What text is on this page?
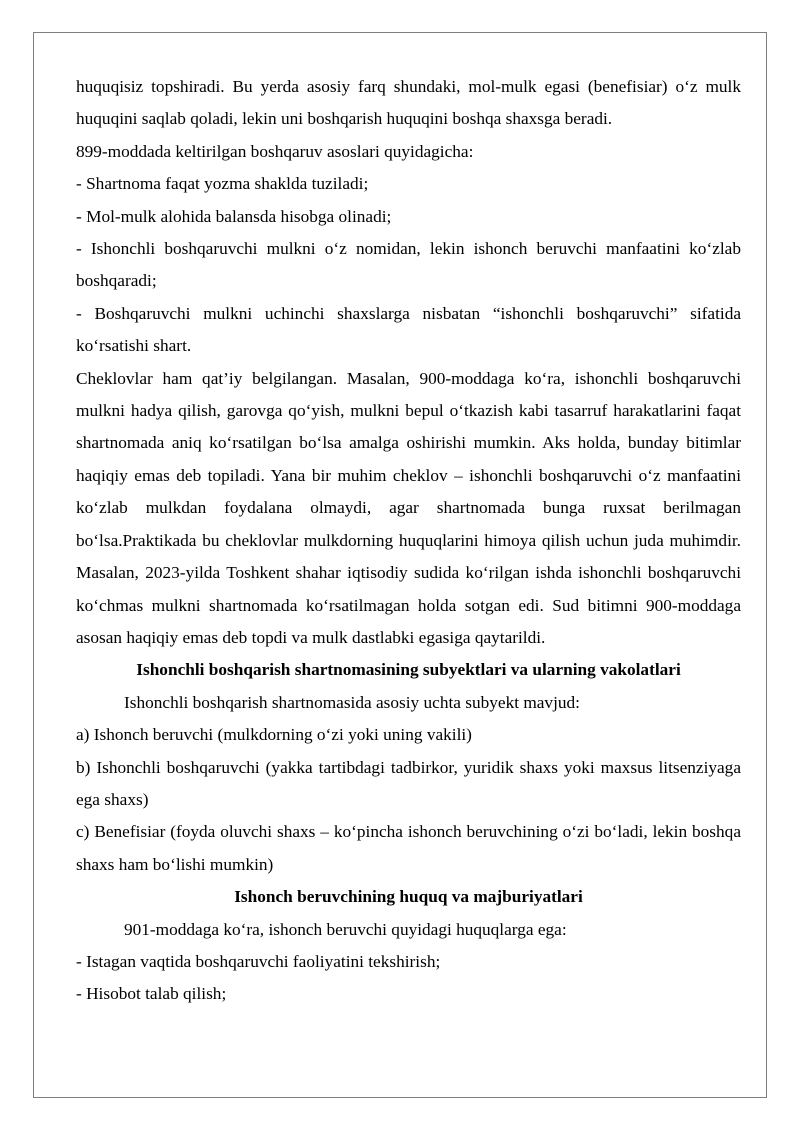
huquqisiz topshiradi. Bu yerda asosiy farq shundaki, mol-mulk egasi (benefisiar) o‘z mulk huquqini saqlab qoladi, lekin uni boshqarish huquqini boshqa shaxsga beradi.

899-moddada keltirilgan boshqaruv asoslari quyidagicha:

- Shartnoma faqat yozma shaklda tuziladi;

- Mol-mulk alohida balansda hisobga olinadi;

- Ishonchli boshqaruvchi mulkni o‘z nomidan, lekin ishonch beruvchi manfaatini ko‘zlab boshqaradi;

- Boshqaruvchi mulkni uchinchi shaxslarga nisbatan “ishonchli boshqaruvchi” sifatida ko‘rsatishi shart.

Cheklovlar ham qat’iy belgilangan. Masalan, 900-moddaga ko‘ra, ishonchli boshqaruvchi mulkni hadya qilish, garovga qo‘yish, mulkni bepul o‘tkazish kabi tasarruf harakatlarini faqat shartnomada aniq ko‘rsatilgan bo‘lsa amalga oshirishi mumkin. Aks holda, bunday bitimlar haqiqiy emas deb topiladi. Yana bir muhim cheklov – ishonchli boshqaruvchi o‘z manfaatini ko‘zlab mulkdan foydalana olmaydi, agar shartnomada bunga ruxsat berilmagan bo‘lsa.Praktikada bu cheklovlar mulkdorning huquqlarini himoya qilish uchun juda muhimdir. Masalan, 2023-yilda Toshkent shahar iqtisodiy sudida ko‘rilgan ishda ishonchli boshqaruvchi ko‘chmas mulkni shartnomada ko‘rsatilmagan holda sotgan edi. Sud bitimni 900-moddaga asosan haqiqiy emas deb topdi va mulk dastlabki egasiga qaytarildi.

Ishonchli boshqarish shartnomasining subyektlari va ularning vakolatlari

Ishonchli boshqarish shartnomasida asosiy uchta subyekt mavjud:

a) Ishonch beruvchi (mulkdorning o‘zi yoki uning vakili)

b) Ishonchli boshqaruvchi (yakka tartibdagi tadbirkor, yuridik shaxs yoki maxsus litsenziyaga ega shaxs)

c) Benefisiar (foyda oluvchi shaxs – ko‘pincha ishonch beruvchining o‘zi bo‘ladi, lekin boshqa shaxs ham bo‘lishi mumkin)

Ishonch beruvchining huquq va majburiyatlari

901-moddaga ko‘ra, ishonch beruvchi quyidagi huquqlarga ega:

- Istagan vaqtida boshqaruvchi faoliyatini tekshirish;

- Hisobot talab qilish;
